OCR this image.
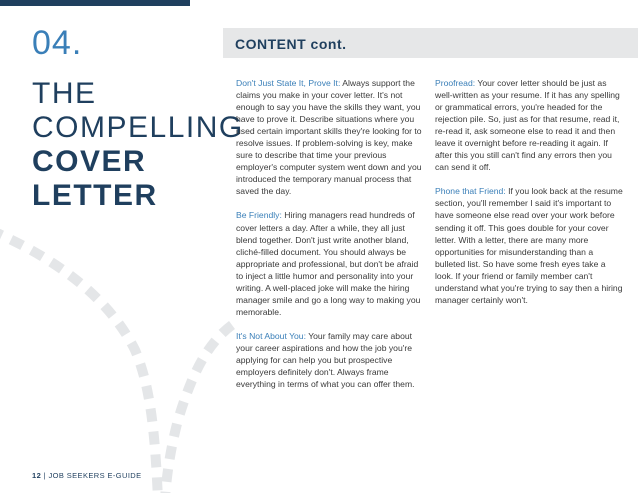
04.
THE
COMPELLING
COVER
LETTER
CONTENT cont.

Don't Just State It, Prove It: Always support the claims you make in your cover letter. It's not enough to say you have the skills they want, you have to prove it. Describe situations where you used certain important skills they're looking for to resolve issues. If problem-solving is key, make sure to describe that time your previous employer's computer system went down and you introduced the temporary manual process that saved the day.

Be Friendly: Hiring managers read hundreds of cover letters a day. After a while, they all just blend together. Don't just write another bland, cliché-filled document. You should always be appropriate and professional, but don't be afraid to inject a little humor and personality into your writing. A well-placed joke will make the hiring manager smile and go a long way to making you memorable.

It's Not About You: Your family may care about your career aspirations and how the job you're applying for can help you but prospective employers definitely don't. Always frame everything in terms of what you can offer them.

Proofread: Your cover letter should be just as well-written as your resume. If it has any spelling or grammatical errors, you're headed for the rejection pile. So, just as for that resume, read it, re-read it, ask someone else to read it and then leave it overnight before re-reading it again. If after this you still can't find any errors then you can send it off.

Phone that Friend: If you look back at the resume section, you'll remember I said it's important to have someone else read over your work before sending it off. This goes double for your cover letter. With a letter, there are many more opportunities for misunderstanding than a bulleted list. So have some fresh eyes take a look. If your friend or family member can't understand what you're trying to say then a hiring manager certainly won't.

12 | JOB SEEKERS E-GUIDE
